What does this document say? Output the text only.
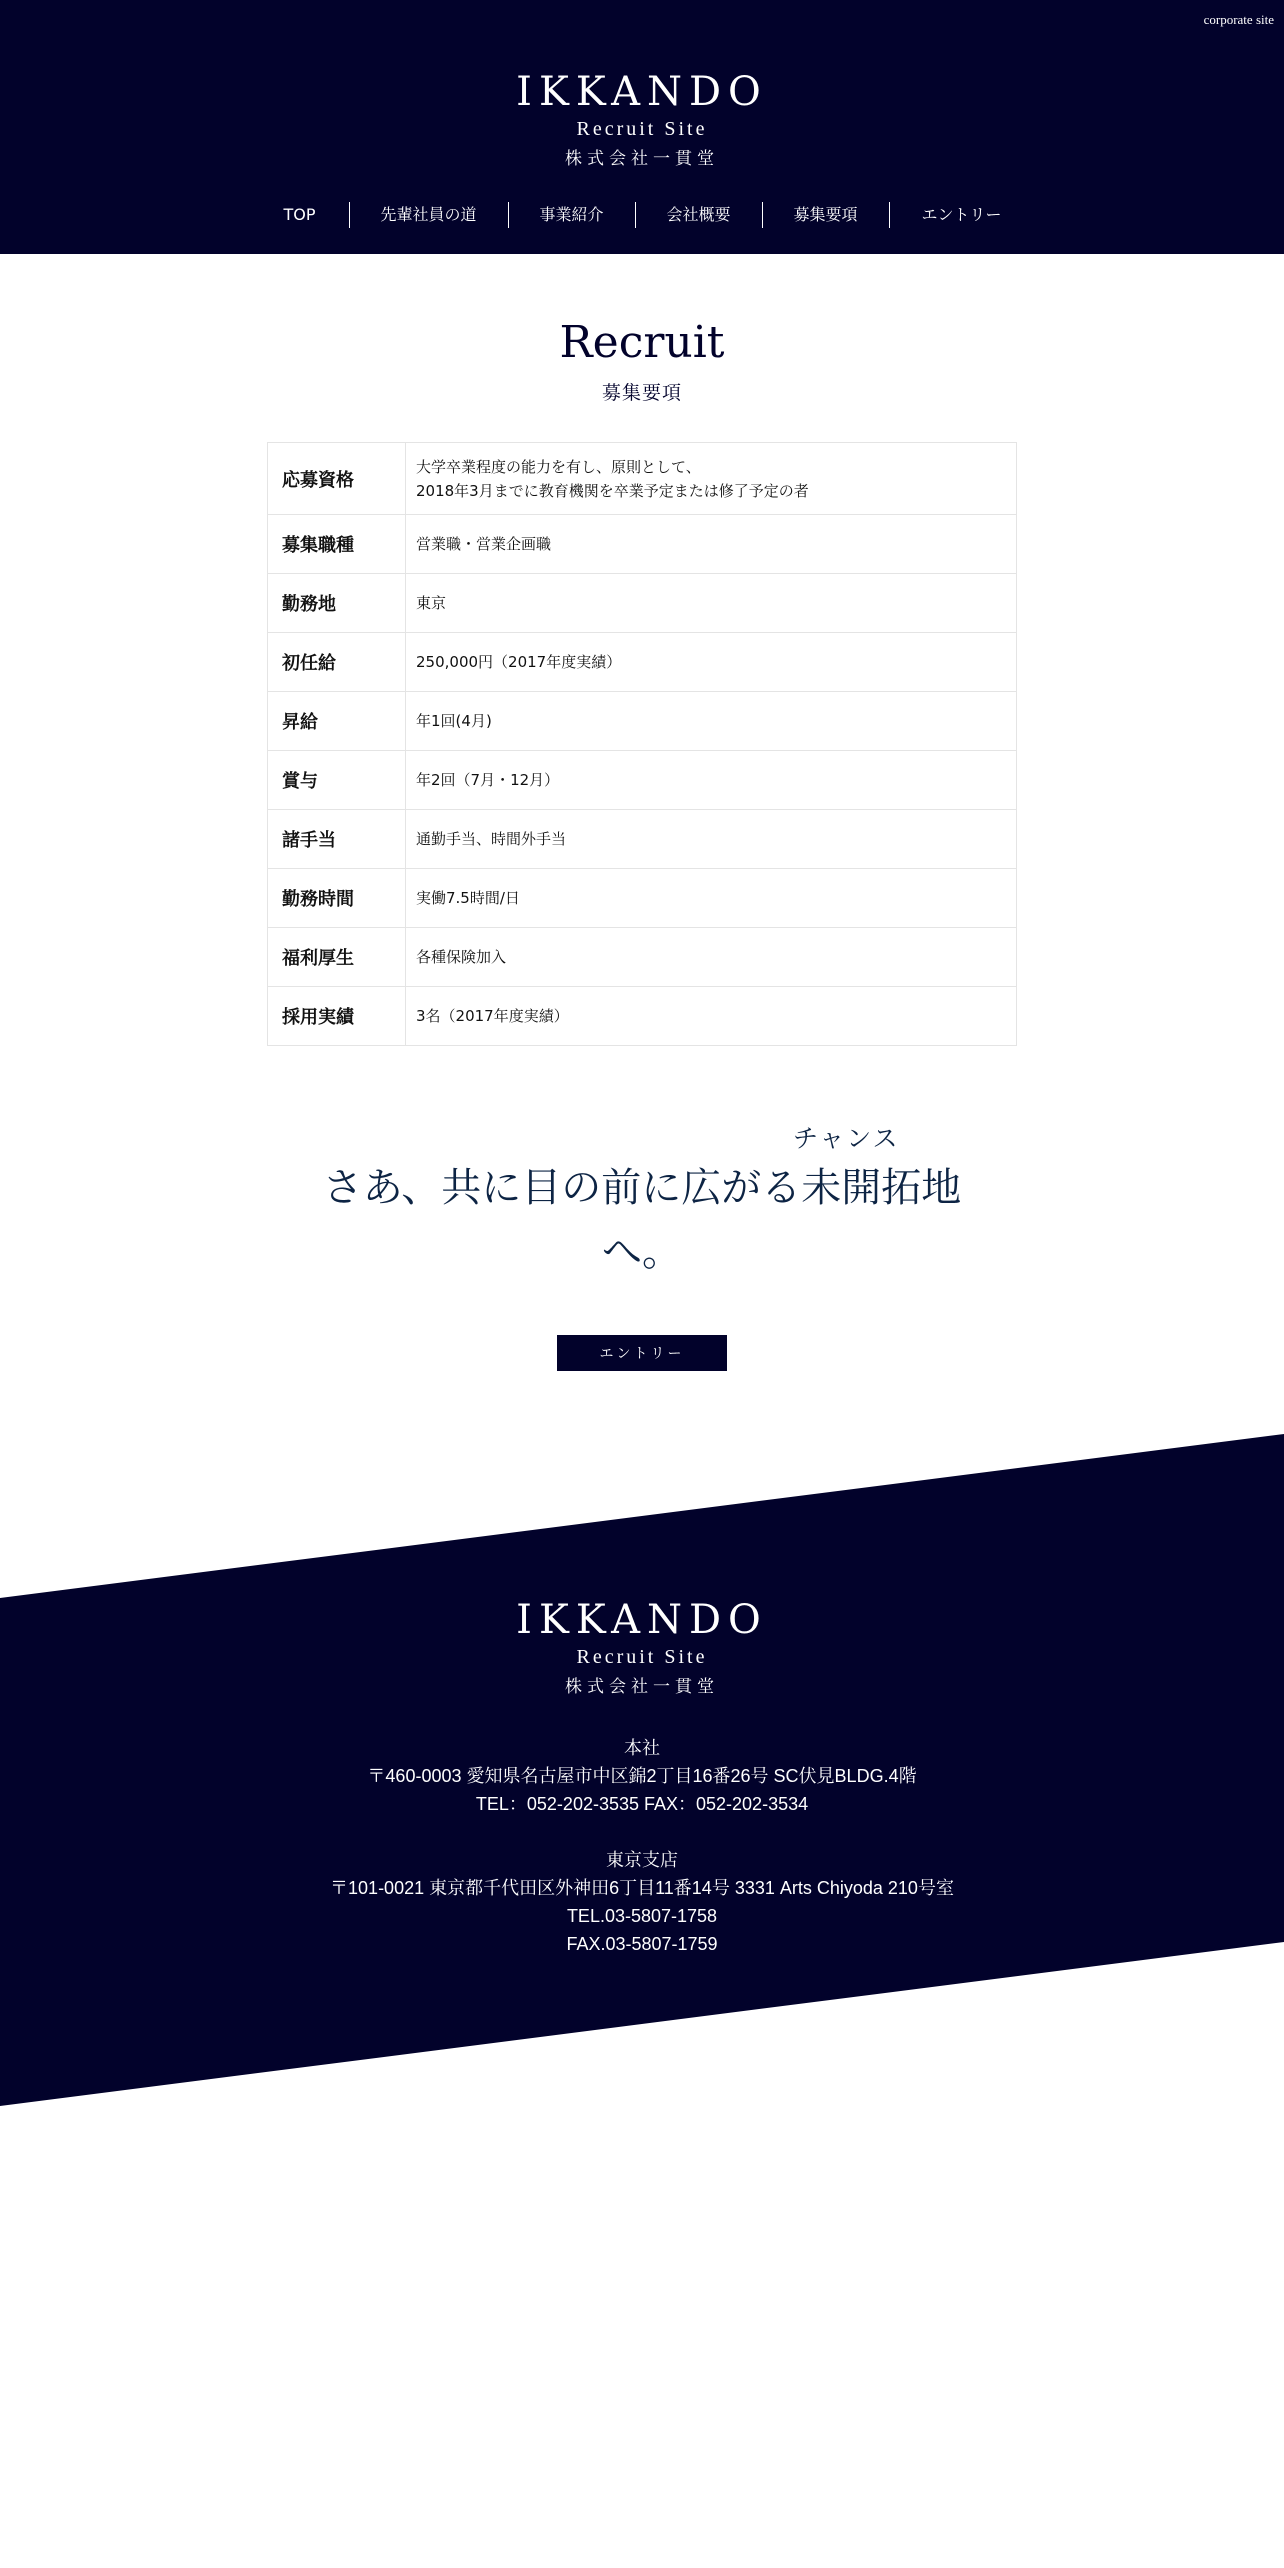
corporate site
IKKANDO
Recruit Site
株式会社一貫堂
TOP	先輩社員の道	事業紹介	会社概要	募集要項	エントリー
Recruit
募集要項
応募資格	大学卒業程度の能力を有し、原則として、
2018年3月までに教育機関を卒業予定または修了予定の者

募集職種	営業職・営業企画職
勤務地	東京
初任給	250,000円（2017年度実績）
昇給	年1回(4月)
賞与	年2回（7月・12月）
諸手当	通勤手当、時間外手当
勤務時間	実働7.5時間/日
福利厚生	各種保険加入
採用実績	3名（2017年度実績）
チャンス
さあ、共に目の前に広がる未開拓地
へ。
エントリー
IKKANDO
Recruit Site
株式会社一貫堂
本社
〒460-0003 愛知県名古屋市中区錦2丁目16番26号 SC伏見BLDG.4階
TEL：052-202-3535 FAX：052-202-3534
東京支店
〒101-0021 東京都千代田区外神田6丁目11番14号 3331 Arts Chiyoda 210号室
TEL.03-5807-1758
FAX.03-5807-1759
